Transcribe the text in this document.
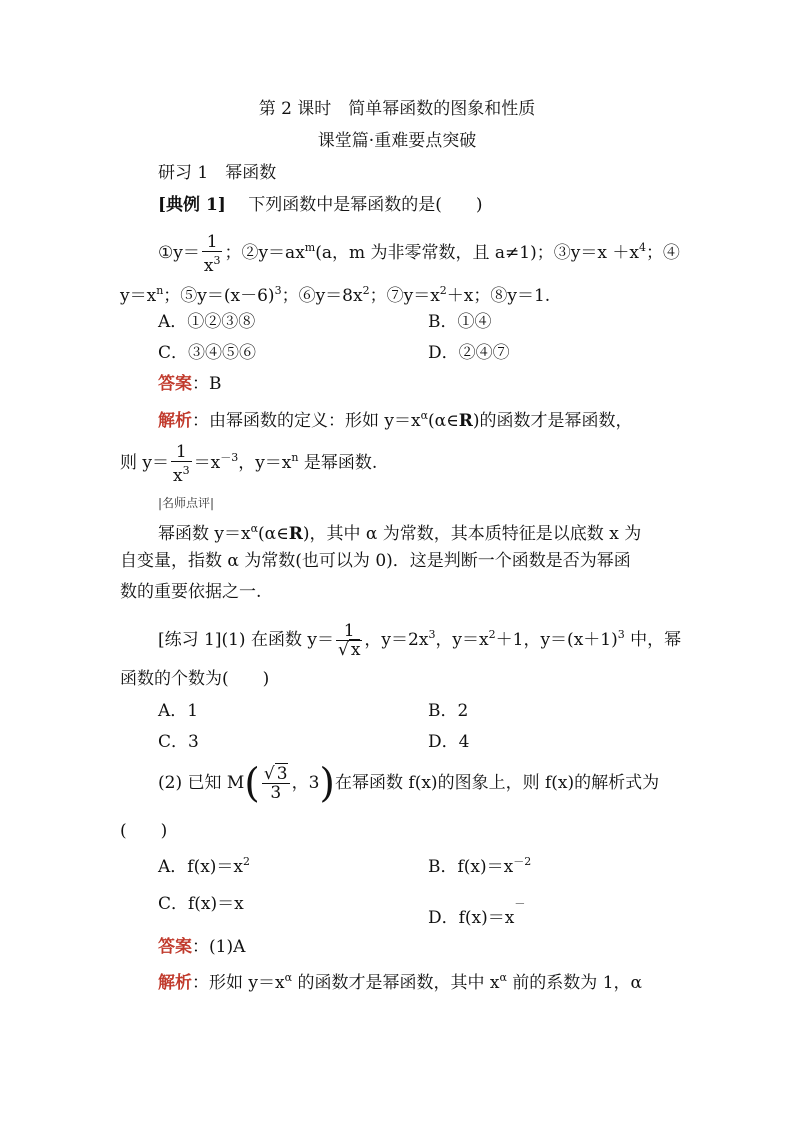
第 2 课时　简单幂函数的图象和性质
课堂篇·重难要点突破
研习 1　幂函数
[典例 1]　 下列函数中是幂函数的是(　　)
①y＝ $\frac{1}{x^3}$ ；$②y=ax^m(a$，m 为非零常数，且 a≠1)；③y＝x $+x^4$；④
$y=x^n$；$⑤y=(x-6)^3$；$⑥y=8x^2$；$⑦y=x^2+x$；⑧y＝1.
A．①②③⑧	B．①④
C．③④⑤⑥	D．②④⑦
答案：B
解析：由幂函数的定义：形如 $y=x^\alpha(\alpha\in R)$的函数才是幂函数，
则 $y= \frac{1}{x^3} =x^{-3}$，$y=x^n$ 是幂函数.
|名师点评|
幂函数 $y=x^\alpha(\alpha\in R)$，其中 α 为常数，其本质特征是以底数 x 为
自变量，指数 α 为常数(也可以为 0)．这是判断一个函数是否为幂函
数的重要依据之一.
[练习 1](1) 在函数 $y= \frac{1}{√ x}$ ，$y=2x^3$，$y=x^2+1$，$y=(x+1)^3$ 中，幂
函数的个数为(　　)
A．1	B．2
C．3	D．4
(2) 已知 $M( \frac{√ 3}{3}$ ，3)在幂函数 f(x)的图象上，则 f(x)的解析式为
(　　)
A．$f(x)=x^2$	B．$f(x)=x^{-2}$
C．f(x)＝x
D．f(x)＝x－
答案：(1)A
解析：形如 $y=x^\alpha$ 的函数才是幂函数，其中 $x^\alpha$ 前的系数为 1，α
